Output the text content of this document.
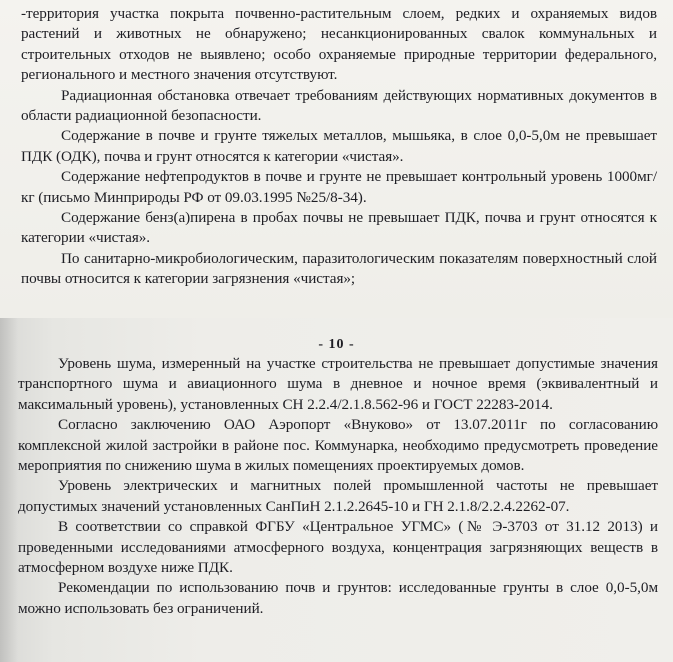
-территория участка покрыта почвенно-растительным слоем, редких и охраняемых видов растений и животных не обнаружено; несанкционированных свалок коммунальных и строительных отходов не выявлено; особо охраняемые природные территории федерального, регионального и местного значения отсутствуют.

Радиационная обстановка отвечает требованиям действующих нормативных документов в области радиационной безопасности.

Содержание в почве и грунте тяжелых металлов, мышьяка, в слое 0,0-5,0м не превышает ПДК (ОДК), почва и грунт относятся к категории «чистая».

Содержание нефтепродуктов в почве и грунте не превышает контрольный уровень 1000мг/кг (письмо Минприроды РФ от 09.03.1995 №25/8-34).

Содержание бенз(а)пирена в пробах почвы не превышает ПДК, почва и грунт относятся к категории «чистая».

По санитарно-микробиологическим, паразитологическим показателям поверхностный слой почвы относится к категории загрязнения «чистая»;

Уровень шума, измеренный на участке строительства не превышает допустимые значения транспортного шума и авиационного шума в дневное и ночное время (эквивалентный и максимальный уровень), установленных СН 2.2.4/2.1.8.562-96 и ГОСТ 22283-2014.

Согласно заключению ОАО Аэропорт «Внуково» от 13.07.2011г по согласованию комплексной жилой застройки в районе пос. Коммунарка, необходимо предусмотреть проведение мероприятия по снижению шума в жилых помещениях проектируемых домов.

Уровень электрических и магнитных полей промышленной частоты не превышает допустимых значений установленных СанПиН 2.1.2.2645-10 и ГН 2.1.8/2.2.4.2262-07.

В соответствии со справкой ФГБУ «Центральное УГМС» (№ Э-3703 от 31.12 2013) и проведенными исследованиями атмосферного воздуха, концентрация загрязняющих веществ в атмосферном воздухе ниже ПДК.

Рекомендации по использованию почв и грунтов: исследованные грунты в слое 0,0-5,0м можно использовать без ограничений.

- 10 -
